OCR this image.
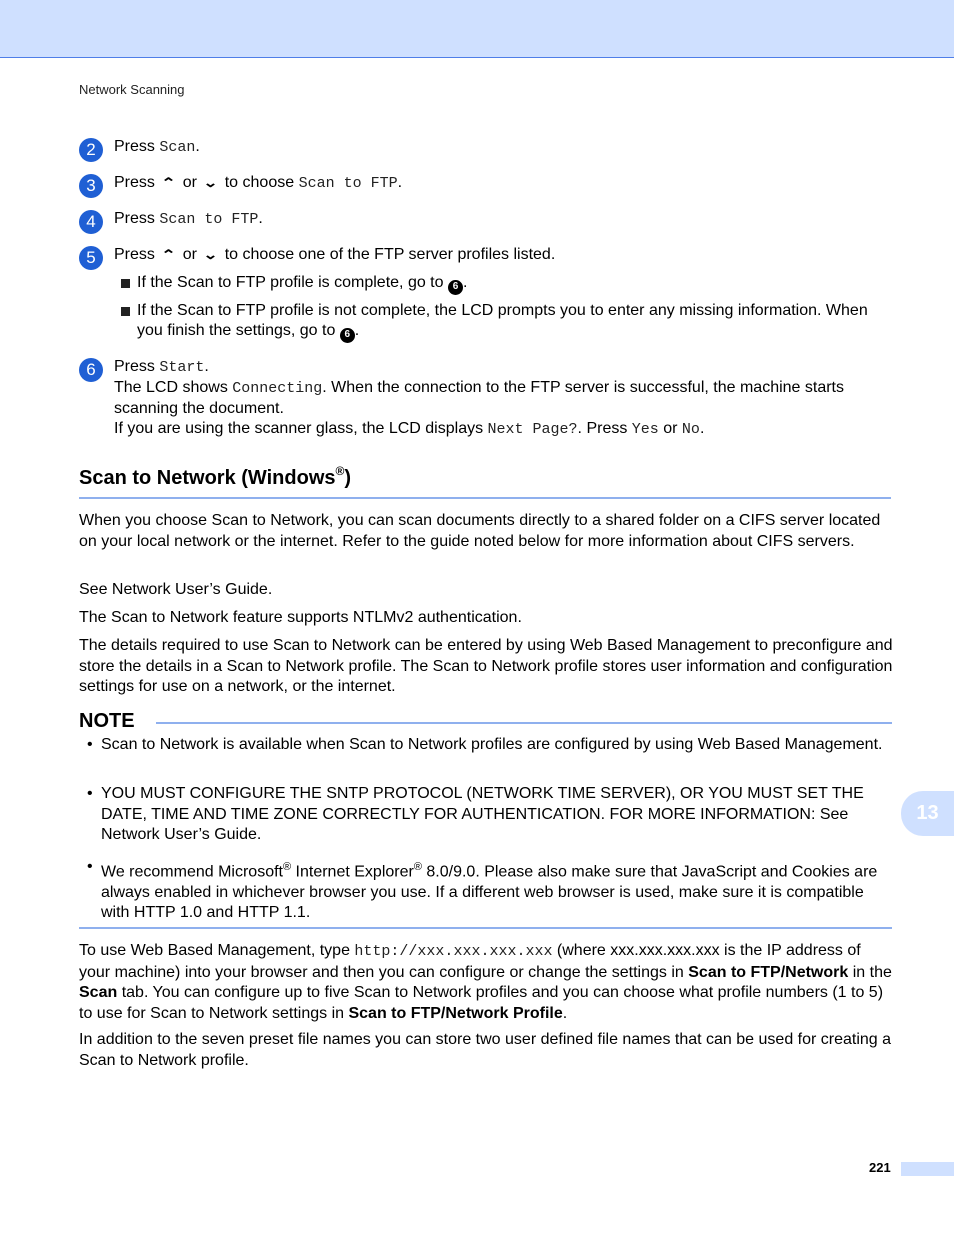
Network Scanning
2	Press Scan.
3	Press ⌃ or ⌄ to choose Scan to FTP.
4	Press Scan to FTP.
5	Press ⌃ or ⌄ to choose one of the FTP server profiles listed.
If the Scan to FTP profile is complete, go to 6 .
If the Scan to FTP profile is not complete, the LCD prompts you to enter any missing information. When you finish the settings, go to 6 .
6	Press Start.
The LCD shows Connecting. When the connection to the FTP server is successful, the machine starts scanning the document.
If you are using the scanner glass, the LCD displays Next Page?. Press Yes or No.
Scan to Network (Windows®)

When you choose Scan to Network, you can scan documents directly to a shared folder on a CIFS server located on your local network or the internet. Refer to the guide noted below for more information about CIFS servers.

See Network User’s Guide.

The Scan to Network feature supports NTLMv2 authentication.

The details required to use Scan to Network can be entered by using Web Based Management to preconfigure and store the details in a Scan to Network profile. The Scan to Network profile stores user information and configuration settings for use on a network, or the internet.

NOTE
• Scan to Network is available when Scan to Network profiles are configured by using Web Based Management.
• YOU MUST CONFIGURE THE SNTP PROTOCOL (NETWORK TIME SERVER), OR YOU MUST SET THE DATE, TIME AND TIME ZONE CORRECTLY FOR AUTHENTICATION. FOR MORE INFORMATION: See Network User’s Guide.
• We recommend Microsoft® Internet Explorer® 8.0/9.0. Please also make sure that JavaScript and Cookies are always enabled in whichever browser you use. If a different web browser is used, make sure it is compatible with HTTP 1.0 and HTTP 1.1.

To use Web Based Management, type http://xxx.xxx.xxx.xxx (where xxx.xxx.xxx.xxx is the IP address of your machine) into your browser and then you can configure or change the settings in Scan to FTP/Network in the Scan tab. You can configure up to five Scan to Network profiles and you can choose what profile numbers (1 to 5) to use for Scan to Network settings in Scan to FTP/Network Profile.

In addition to the seven preset file names you can store two user defined file names that can be used for creating a Scan to Network profile.

13
221
